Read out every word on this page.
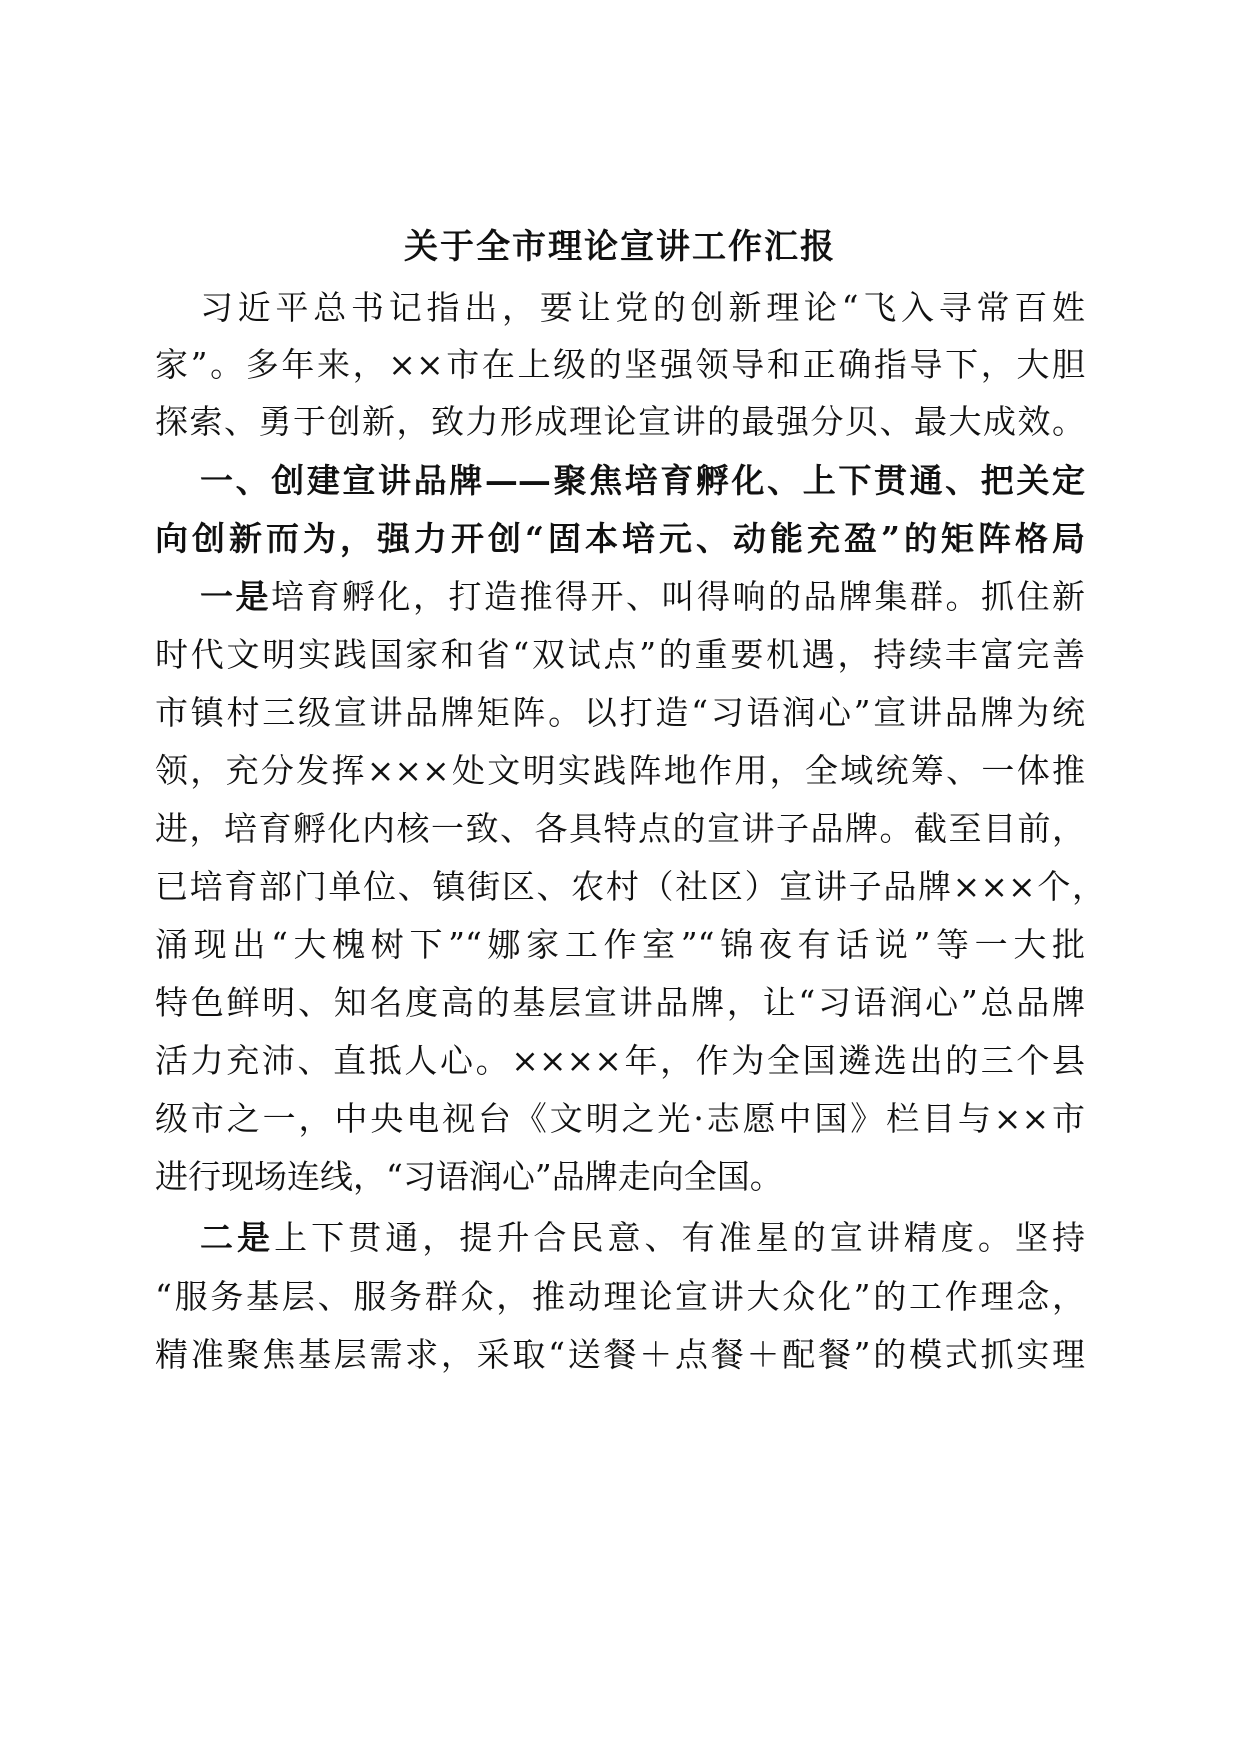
关于全市理论宣讲工作汇报

习近平总书记指出，要让党的创新理论“飞入寻常百姓

家”。多年来，××市在上级的坚强领导和正确指导下，大胆

探索、勇于创新，致力形成理论宣讲的最强分贝、最大成效。

一、创建宣讲品牌——聚焦培育孵化、上下贯通、把关定

向创新而为，强力开创“固本培元、动能充盈”的矩阵格局

一是培育孵化，打造推得开、叫得响的品牌集群。抓住新

时代文明实践国家和省“双试点”的重要机遇，持续丰富完善

市镇村三级宣讲品牌矩阵。以打造“习语润心”宣讲品牌为统

领，充分发挥×××处文明实践阵地作用，全域统筹、一体推

进，培育孵化内核一致、各具特点的宣讲子品牌。截至目前，

已培育部门单位、镇街区、农村（社区）宣讲子品牌×××个，

涌现出“大槐树下”“娜家工作室”“锦夜有话说”等一大批

特色鲜明、知名度高的基层宣讲品牌，让“习语润心”总品牌

活力充沛、直抵人心。××××年，作为全国遴选出的三个县

级市之一，中央电视台《文明之光·志愿中国》栏目与××市

进行现场连线，“习语润心”品牌走向全国。

二是上下贯通，提升合民意、有准星的宣讲精度。坚持

“服务基层、服务群众，推动理论宣讲大众化”的工作理念，

精准聚焦基层需求，采取“送餐＋点餐＋配餐”的模式抓实理
